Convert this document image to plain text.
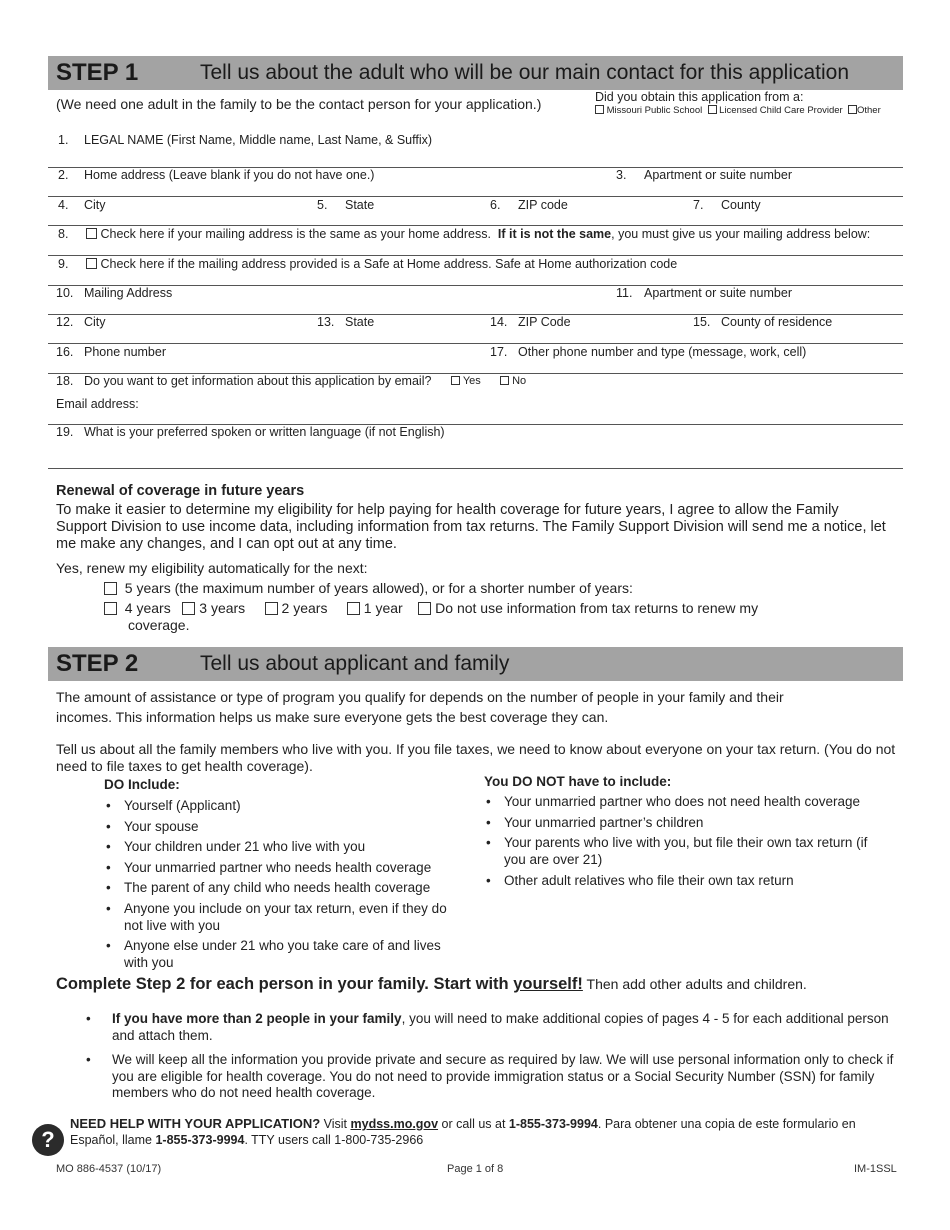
STEP 1	Tell us about the adult who will be our main contact for this application
(We need one adult in the family to be the contact person for your application.)	Did you obtain this application from a:
Missouri Public School Licensed Child Care Provider Other
1. LEGAL NAME (First Name, Middle name, Last Name, & Suffix)
2. Home address (Leave blank if you do not have one.)	3. Apartment or suite number
4. City	5. State	6. ZIP code	7. County
8.	Check here if your mailing address is the same as your home address. If it is not the same, you must give us your mailing address below:
9.	Check here if the mailing address provided is a Safe at Home address. Safe at Home authorization code
10. Mailing Address	11. Apartment or suite number
12. City	13. State	14. ZIP Code	15. County of residence
16. Phone number	17. Other phone number and type (message, work, cell)
18. Do you want to get information about this application by email?	Yes	No
Email address:
19. What is your preferred spoken or written language (if not English)
Renewal of coverage in future years
To make it easier to determine my eligibility for help paying for health coverage for future years, I agree to allow the Family Support Division to use income data, including information from tax returns. The Family Support Division will send me a notice, let me make any changes, and I can opt out at any time.
Yes, renew my eligibility automatically for the next:
5 years (the maximum number of years allowed), or for a shorter number of years:
4 years 3 years	2 years	1 year Do not use information from tax returns to renew my
coverage.
STEP 2	Tell us about applicant and family
The amount of assistance or type of program you qualify for depends on the number of people in your family and their
incomes. This information helps us make sure everyone gets the best coverage they can.
Tell us about all the family members who live with you. If you file taxes, we need to know about everyone on your tax return. (You do not need to file taxes to get health coverage).
DO Include:
• Yourself (Applicant)
• Your spouse
• Your children under 21 who live with you
• Your unmarried partner who needs health coverage
• The parent of any child who needs health coverage
• Anyone you include on your tax return, even if they do not live with you
• Anyone else under 21 who you take care of and lives with you
You DO NOT have to include:
• Your unmarried partner who does not need health coverage
• Your unmarried partner’s children
• Your parents who live with you, but file their own tax return (if you are over 21)
• Other adult relatives who file their own tax return
Complete Step 2 for each person in your family. Start with yourself! Then add other adults and children.
•	If you have more than 2 people in your family, you will need to make additional copies of pages 4 - 5 for each additional person and attach them.
•	We will keep all the information you provide private and secure as required by law. We will use personal information only to check if you are eligible for health coverage. You do not need to provide immigration status or a Social Security Number (SSN) for family members who do not need health coverage.
?
NEED HELP WITH YOUR APPLICATION? Visit mydss.mo.gov or call us at 1-855-373-9994. Para obtener una copia de este formulario en
Español, llame 1-855-373-9994. TTY users call 1-800-735-2966
MO 886-4537 (10/17)	Page 1 of 8	IM-1SSL
